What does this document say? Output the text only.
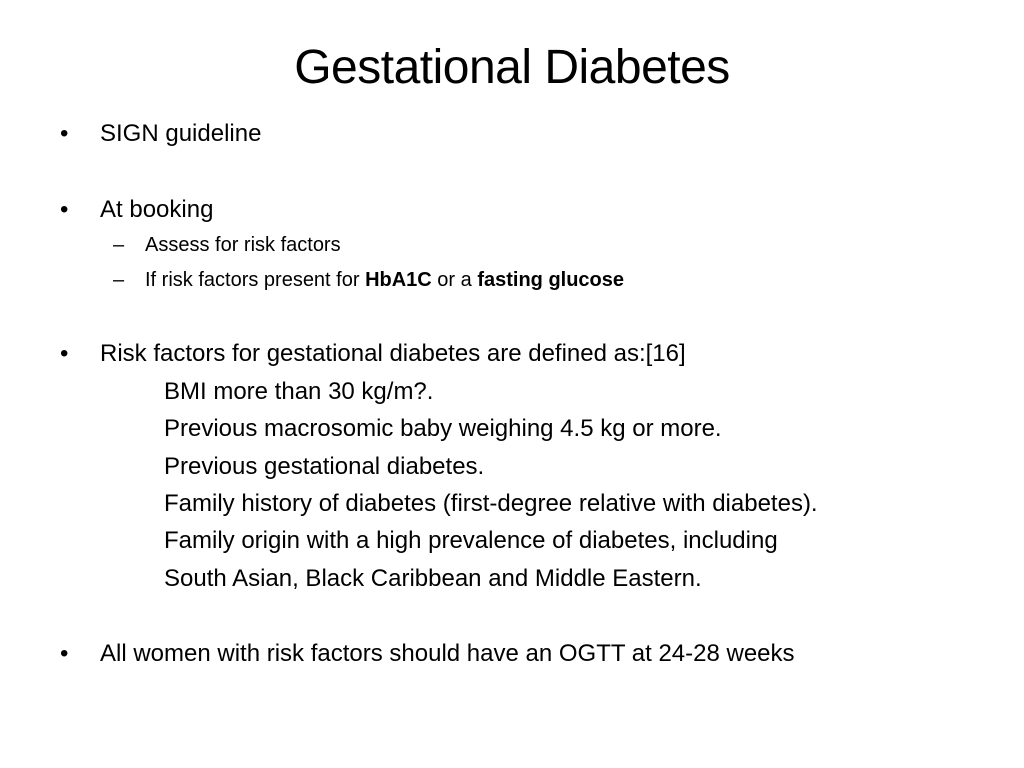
Gestational Diabetes
•	SIGN guideline
•	At booking
– Assess for risk factors
– If risk factors present for HbA1C or a fasting glucose
•	Risk factors for gestational diabetes are defined as:[16]
BMI more than 30 kg/m?.
Previous macrosomic baby weighing 4.5 kg or more.
Previous gestational diabetes.
Family history of diabetes (first-degree relative with diabetes).
Family origin with a high prevalence of diabetes, including
South Asian, Black Caribbean and Middle Eastern.
•	All women with risk factors should have an OGTT at 24-28 weeks
